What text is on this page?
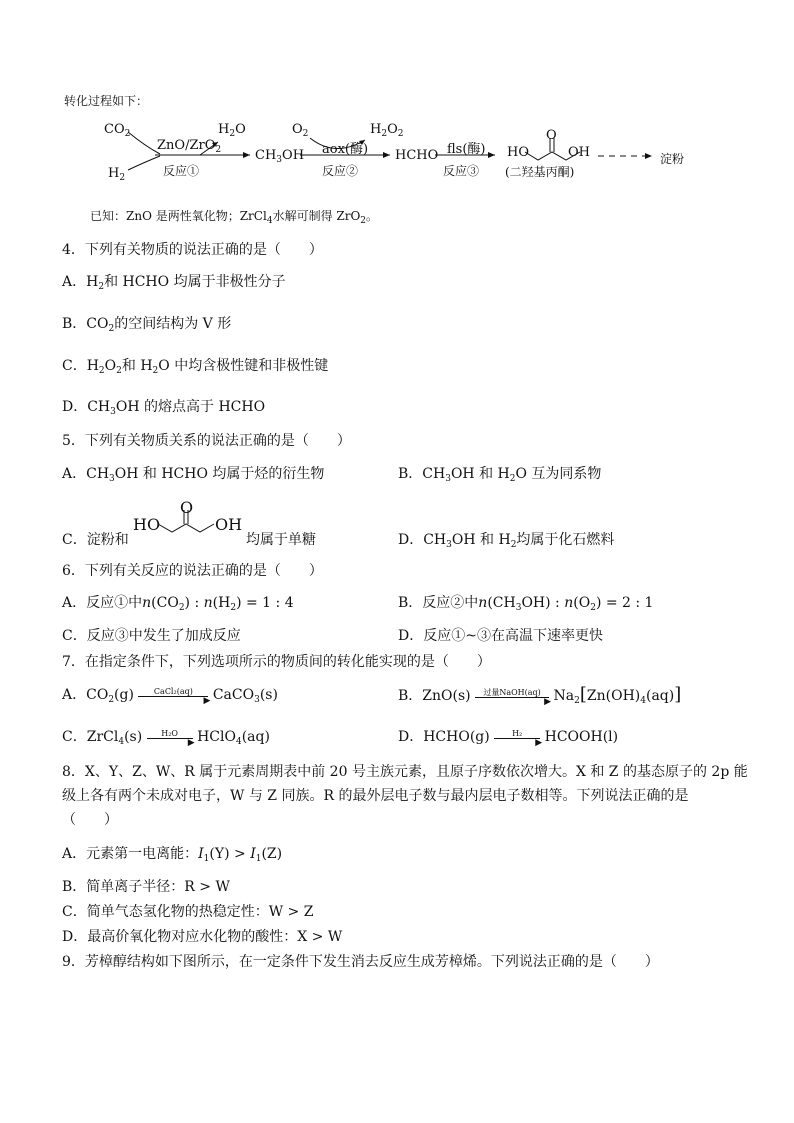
转化过程如下：
$CO_2$
$H_2$
ZnO/ZrO$_2$
$H_2O$
反应①
$CH_3OH$
$O_2$
aox(酶)
$H_2O_2$
反应②
HCHO fls(酶)
反应③
HO
O
OH
(二羟基丙酮)
淀粉
已知：ZnO 是两性氧化物；ZrCl$_4$水解可制得 ZrO$_2$。
4．下列有关物质的说法正确的是（　　）
A．$H_2$和 HCHO 均属于非极性分子
B．$CO_2$的空间结构为 V 形
C．$H_2O_2$和 $H_2O$ 中均含极性键和非极性键
D．$CH_3OH$ 的熔点高于 HCHO
5．下列有关物质关系的说法正确的是（　　）
A．$CH_3OH$ 和 HCHO 均属于烃的衍生物	B．$CH_3OH$ 和 $H_2O$ 互为同系物
C．淀粉和
HO
O
OH
均属于单糖	D．$CH_3OH$ 和 $H_2$均属于化石燃料
6．下列有关反应的说法正确的是（　　）
A．反应①中$n(CO_2)$ : $n(H_2) = 1$ : 4	B．反应②中$n(CH_3OH)$ : $n(O_2) = 2$ : 1
C．反应③中发生了加成反应	D．反应①~③在高温下速率更快
7．在指定条件下，下列选项所示的物质间的转化能实现的是（　　）
A．$CO_2(g)$	CaCl₂(aq)
▶ CaCO$_3$(s)	B．ZnO(s)	过量NaOH(aq)
▶ $Na_2[Zn(OH)_4(aq)]$
C．ZrCl$_4$(s)	H₂O
▶ HClO$_4$(aq)	D．HCHO(g)	H₂
▶ HCOOH(l)
8．X、Y、Z、W、R 属于元素周期表中前 20 号主族元素，且原子序数依次增大。X 和 Z 的基态原子的 2p 能
级上各有两个未成对电子，W 与 Z 同族。R 的最外层电子数与最内层电子数相等。下列说法正确的是
（　　）
A．元素第一电离能：$I_1(Y) > I_1(Z)$
B．简单离子半径：R > W
C．简单气态氢化物的热稳定性：W > Z
D．最高价氧化物对应水化物的酸性：X > W
9．芳樟醇结构如下图所示，在一定条件下发生消去反应生成芳樟烯。下列说法正确的是（　　）
